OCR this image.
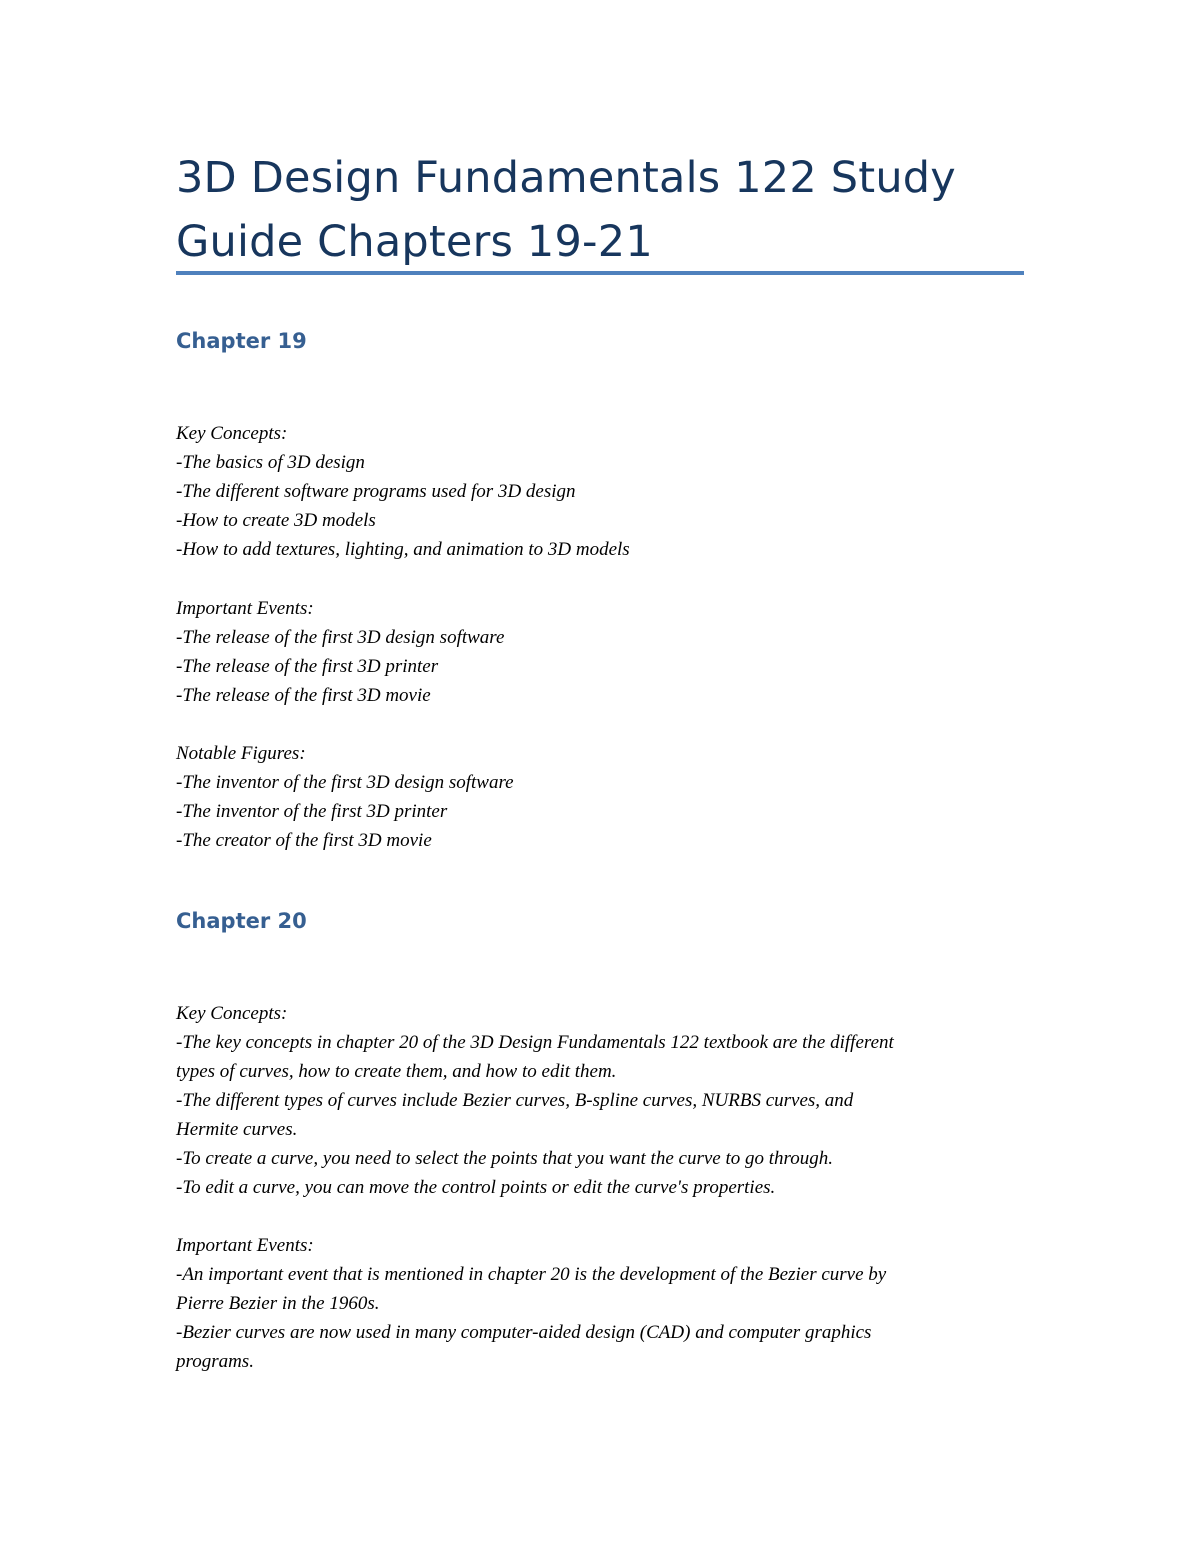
3D Design Fundamentals 122 Study
Guide Chapters 19-21
Chapter 19
Key Concepts:
-The basics of 3D design
-The different software programs used for 3D design
-How to create 3D models
-How to add textures, lighting, and animation to 3D models
Important Events:
-The release of the first 3D design software
-The release of the first 3D printer
-The release of the first 3D movie
Notable Figures:
-The inventor of the first 3D design software
-The inventor of the first 3D printer
-The creator of the first 3D movie
Chapter 20
Key Concepts:
-The key concepts in chapter 20 of the 3D Design Fundamentals 122 textbook are the different
types of curves, how to create them, and how to edit them.
-The different types of curves include Bezier curves, B-spline curves, NURBS curves, and
Hermite curves.
-To create a curve, you need to select the points that you want the curve to go through.
-To edit a curve, you can move the control points or edit the curve's properties.
Important Events:
-An important event that is mentioned in chapter 20 is the development of the Bezier curve by
Pierre Bezier in the 1960s.
-Bezier curves are now used in many computer-aided design (CAD) and computer graphics
programs.
